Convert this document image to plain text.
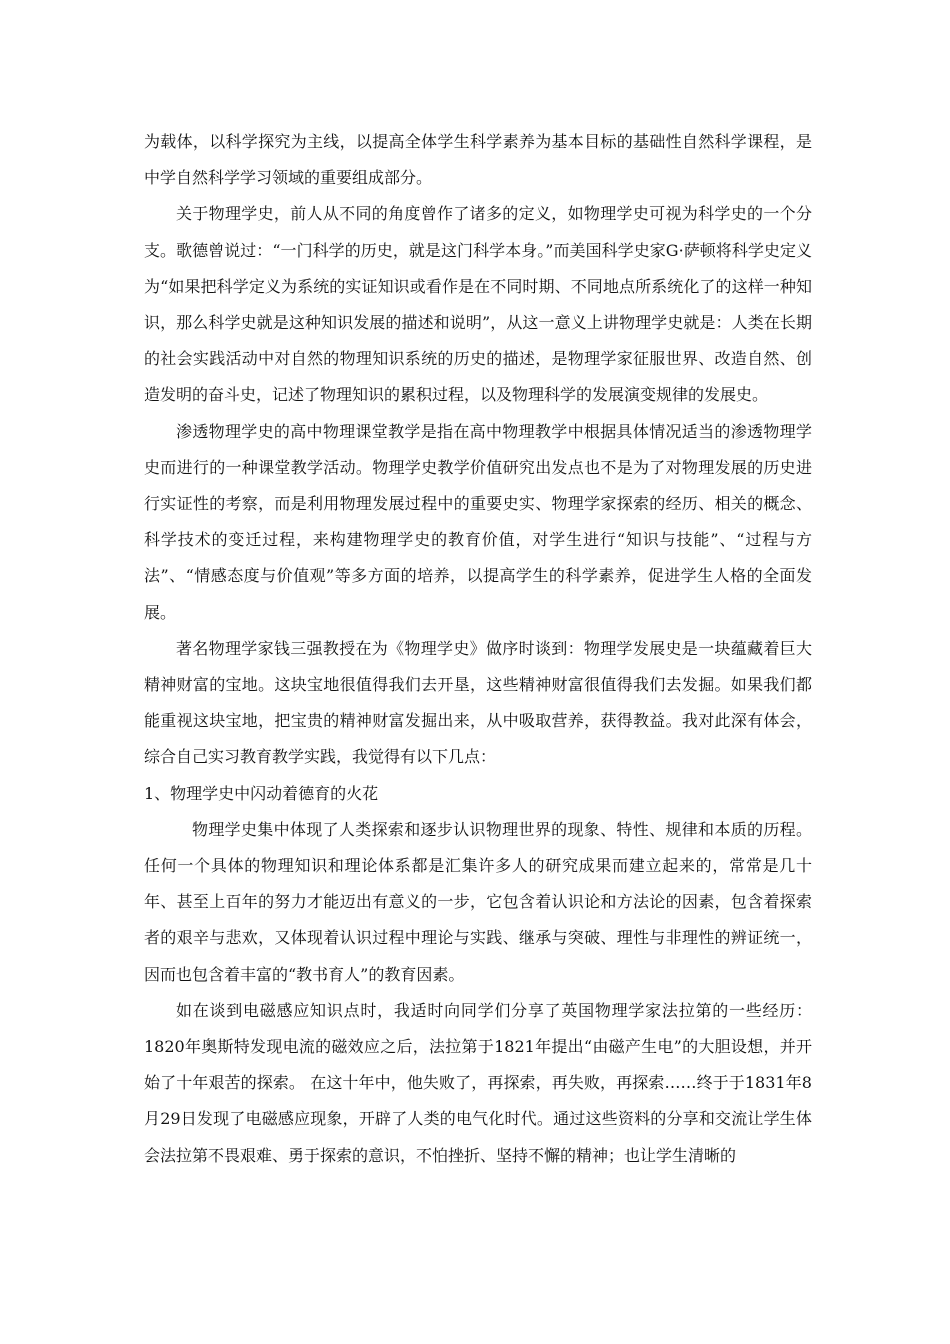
为载体，以科学探究为主线，以提高全体学生科学素养为基本目标的基础性自然科学课程，是中学自然科学学习领域的重要组成部分。

关于物理学史，前人从不同的角度曾作了诸多的定义，如物理学史可视为科学史的一个分支。歌德曾说过：“一门科学的历史，就是这门科学本身。”而美国科学史家G·萨顿将科学史定义为“如果把科学定义为系统的实证知识或看作是在不同时期、不同地点所系统化了的这样一种知识，那么科学史就是这种知识发展的描述和说明”，从这一意义上讲物理学史就是：人类在长期的社会实践活动中对自然的物理知识系统的历史的描述，是物理学家征服世界、改造自然、创造发明的奋斗史，记述了物理知识的累积过程，以及物理科学的发展演变规律的发展史。

渗透物理学史的高中物理课堂教学是指在高中物理教学中根据具体情况适当的渗透物理学史而进行的一种课堂教学活动。物理学史教学价值研究出发点也不是为了对物理发展的历史进行实证性的考察，而是利用物理发展过程中的重要史实、物理学家探索的经历、相关的概念、科学技术的变迁过程，来构建物理学史的教育价值，对学生进行“知识与技能”、“过程与方法”、“情感态度与价值观”等多方面的培养，以提高学生的科学素养，促进学生人格的全面发展。

著名物理学家钱三强教授在为《物理学史》做序时谈到：物理学发展史是一块蕴藏着巨大精神财富的宝地。这块宝地很值得我们去开垦，这些精神财富很值得我们去发掘。如果我们都能重视这块宝地，把宝贵的精神财富发掘出来，从中吸取营养，获得教益。我对此深有体会，综合自己实习教育教学实践，我觉得有以下几点：

1、物理学史中闪动着德育的火花

物理学史集中体现了人类探索和逐步认识物理世界的现象、特性、规律和本质的历程。任何一个具体的物理知识和理论体系都是汇集许多人的研究成果而建立起来的，常常是几十年、甚至上百年的努力才能迈出有意义的一步，它包含着认识论和方法论的因素，包含着探索者的艰辛与悲欢，又体现着认识过程中理论与实践、继承与突破、理性与非理性的辨证统一，因而也包含着丰富的“教书育人”的教育因素。

如在谈到电磁感应知识点时，我适时向同学们分享了英国物理学家法拉第的一些经历：1820年奥斯特发现电流的磁效应之后，法拉第于1821年提出“由磁产生电”的大胆设想，并开始了十年艰苦的探索。 在这十年中，他失败了，再探索，再失败，再探索……终于于1831年8月29日发现了电磁感应现象，开辟了人类的电气化时代。通过这些资料的分享和交流让学生体会法拉第不畏艰难、勇于探索的意识，不怕挫折、坚持不懈的精神；也让学生清晰的
